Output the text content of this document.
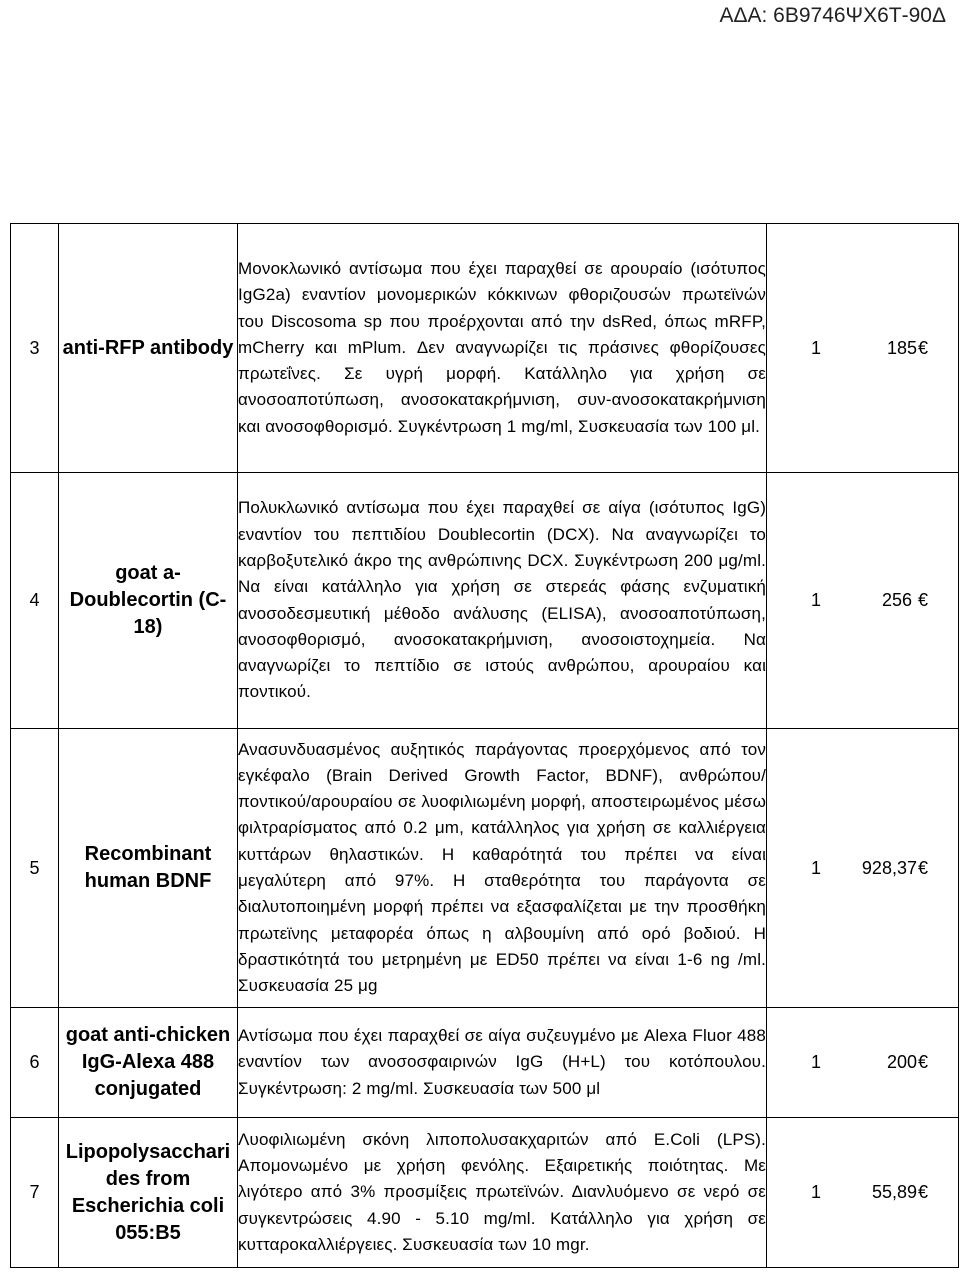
ΑΔΑ: 6Β9746ΨΧ6Τ-90Δ
3	anti-RFP antibody	Μονοκλωνικό αντίσωμα που έχει παραχθεί σε αρουραίο (ισότυπος IgG2a) εναντίον μονομερικών κόκκινων φθοριζουσών πρωτεϊνών του Discosoma sp που προέρχονται από την dsRed, όπως mRFP, mCherry και mPlum. Δεν αναγνωρίζει τις πράσινες φθορίζουσες πρωτεΐνες. Σε υγρή μορφή. Κατάλληλο για χρήση σε ανοσοαποτύπωση, ανοσοκατακρήμνιση, συν-ανοσοκατακρήμνιση και ανοσοφθορισμό. Συγκέντρωση 1 mg/ml, Συσκευασία των 100 μl.	1 185€

4	goat a-Doublecortin (C-18)	Πολυκλωνικό αντίσωμα που έχει παραχθεί σε αίγα (ισότυπος IgG) εναντίον του πεπτιδίου Doublecortin (DCX). Να αναγνωρίζει το καρβοξυτελικό άκρο της ανθρώπινης DCX. Συγκέντρωση 200 μg/ml. Να είναι κατάλληλο για χρήση σε στερεάς φάσης ενζυματική ανοσοδεσμευτική μέθοδο ανάλυσης (ELISA), ανοσοαποτύπωση, ανοσοφθορισμό, ανοσοκατακρήμνιση, ανοσοιστοχημεία. Να αναγνωρίζει το πεπτίδιο σε ιστούς ανθρώπου, αρουραίου και ποντικού.	1 256 €

5	Recombinant human BDNF	Ανασυνδυασμένος αυξητικός παράγοντας προερχόμενος από τον εγκέφαλο (Brain Derived Growth Factor, BDNF), ανθρώπου/ποντικού/αρουραίου σε λυοφιλιωμένη μορφή, αποστειρωμένος μέσω φιλτραρίσματος από 0.2 μm, κατάλληλος για χρήση σε καλλιέργεια κυττάρων θηλαστικών. Η καθαρότητά του πρέπει να είναι μεγαλύτερη από 97%. Η σταθερότητα του παράγοντα σε διαλυτοποιημένη μορφή πρέπει να εξασφαλίζεται με την προσθήκη πρωτεϊνης μεταφορέα όπως η αλβουμίνη από ορό βοδιού. Η δραστικότητά του μετρημένη με ED50 πρέπει να είναι 1-6 ng /ml. Συσκευασία 25 μg	1 928,37€

6	goat anti-chicken IgG-Alexa 488 conjugated	Αντίσωμα που έχει παραχθεί σε αίγα συζευγμένο με Alexa Fluor 488 εναντίον των ανοσοσφαιρινών IgG (H+L) του κοτόπουλου. Συγκέντρωση: 2 mg/ml. Συσκευασία των 500 μl	1 200€

7	Lipopolysacchari des from Escherichia coli 055:B5	Λυοφιλιωμένη σκόνη λιποπολυσακχαριτών από E.Coli (LPS). Απομονωμένο με χρήση φενόλης. Εξαιρετικής ποιότητας. Με λιγότερο από 3% προσμίξεις πρωτεϊνών. Διανλυόμενο σε νερό σε συγκεντρώσεις 4.90 - 5.10 mg/ml. Κατάλληλο για χρήση σε κυτταροκαλλιέργειες. Συσκευασία των 10 mgr.	1 55,89€
